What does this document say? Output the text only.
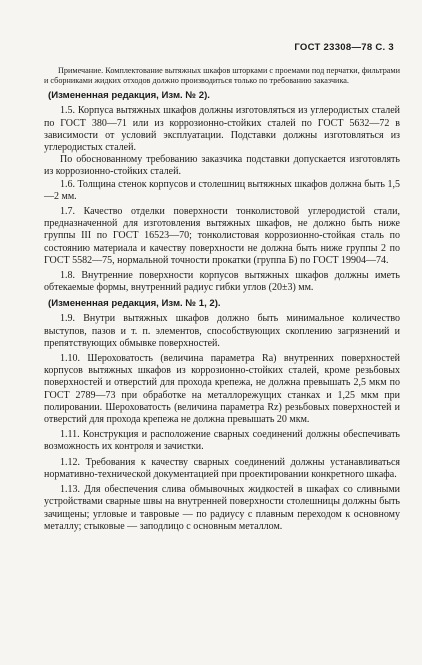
ГОСТ 23308—78 С. 3

Примечание. Комплектование вытяжных шкафов шторками с проемами под перчатки, фильтрами и сборниками жидких отходов должно производиться только по требованию заказчика.

(Измененная редакция, Изм. № 2).

1.5. Корпуса вытяжных шкафов должны изготовляться из углеродистых сталей по ГОСТ 380—71 или из коррозионно-стойких сталей по ГОСТ 5632—72 в зависимости от условий эксплуатации. Подставки должны изготовляться из углеродистых сталей.

По обоснованному требованию заказчика подставки допускается изготовлять из коррозионно-стойких сталей.

1.6. Толщина стенок корпусов и столешниц вытяжных шкафов должна быть 1,5—2 мм.

1.7. Качество отделки поверхности тонколистовой углеродистой стали, предназначенной для изготовления вытяжных шкафов, не должно быть ниже группы III по ГОСТ 16523—70; тонколистовая коррозионно-стойкая сталь по состоянию материала и качеству поверхности не должна быть ниже группы 2 по ГОСТ 5582—75, нормальной точности прокатки (группа Б) по ГОСТ 19904—74.

1.8. Внутренние поверхности корпусов вытяжных шкафов должны иметь обтекаемые формы, внутренний радиус гибки углов (20±3) мм.

(Измененная редакция, Изм. № 1, 2).

1.9. Внутри вытяжных шкафов должно быть минимальное количество выступов, пазов и т. п. элементов, способствующих скоплению загрязнений и препятствующих обмывке поверхностей.

1.10. Шероховатость (величина параметра Ra) внутренних поверхностей корпусов вытяжных шкафов из коррозионно-стойких сталей, кроме резьбовых поверхностей и отверстий для прохода крепежа, не должна превышать 2,5 мкм по ГОСТ 2789—73 при обработке на металлорежущих станках и 1,25 мкм при полировании. Шероховатость (величина параметра Rz) резьбовых поверхностей и отверстий для прохода крепежа не должна превышать 20 мкм.

1.11. Конструкция и расположение сварных соединений должны обеспечивать возможность их контроля и зачистки.

1.12. Требования к качеству сварных соединений должны устанавливаться нормативно-технической документацией при проектировании конкретного шкафа.

1.13. Для обеспечения слива обмывочных жидкостей в шкафах со сливными устройствами сварные швы на внутренней поверхности столешницы должны быть зачищены; угловые и тавровые — по радиусу с плавным переходом к основному металлу; стыковые — заподлицо с основным металлом.
